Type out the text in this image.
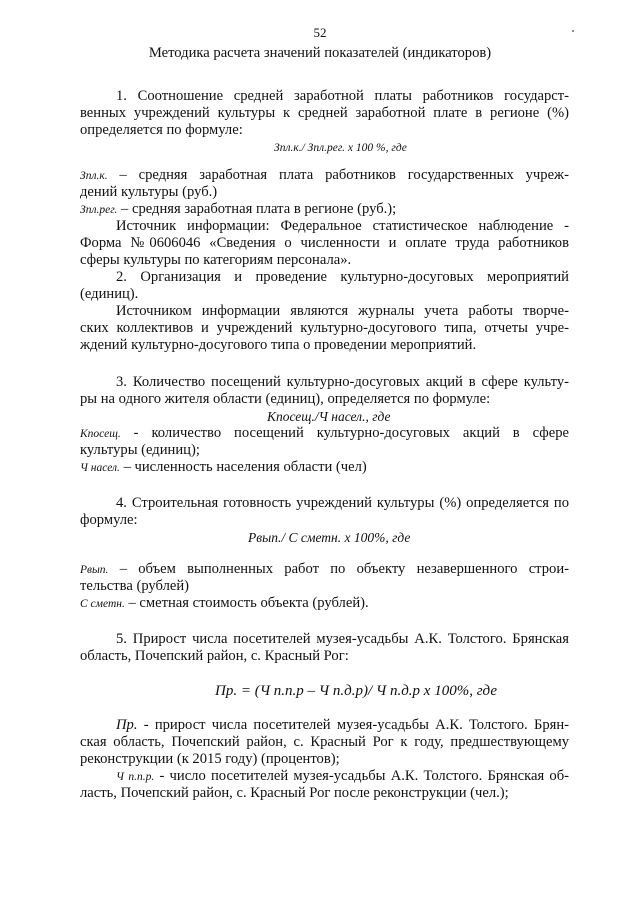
52
Методика расчета значений показателей (индикаторов)
1. Соотношение средней заработной платы работников государст-
венных учреждений культуры к средней заработной плате в регионе (%)
определяется по формуле:
Зпл.к./ Зпл.рег. х 100 %, где
Зпл.к. – средняя заработная плата работников государственных учреж-
дений культуры (руб.)
Зпл.рег. – средняя заработная плата в регионе (руб.);
Источник информации: Федеральное статистическое наблюдение -
Форма №0606046 «Сведения о численности и оплате труда работников
сферы культуры по категориям персонала».
2. Организация и проведение культурно-досуговых мероприятий
(единиц).
Источником информации являются журналы учета работы творче-
ских коллективов и учреждений культурно-досугового типа, отчеты учре-
ждений культурно-досугового типа о проведении мероприятий.
3. Количество посещений культурно-досуговых акций в сфере культу-
ры на одного жителя области (единиц), определяется по формуле:
Кпосещ./Ч насел., где
Кпосещ. - количество посещений культурно-досуговых акций в сфере
культуры (единиц);
Ч насел. – численность населения области (чел)
4. Строительная готовность учреждений культуры (%) определяется по
формуле:
Рвып./ С сметн. х 100%, где
Рвып. – объем выполненных работ по объекту незавершенного строи-
тельства (рублей)
С сметн. – сметная стоимость объекта (рублей).
5. Прирост числа посетителей музея-усадьбы А.К. Толстого. Брянская
область, Почепский район, с. Красный Рог:
Пр. = (Ч п.п.р – Ч п.д.р)/ Ч п.д.р х 100%, где
Пр. - прирост числа посетителей музея-усадьбы А.К. Толстого. Брян-
ская область, Почепский район, с. Красный Рог к году, предшествующему
реконструкции (к 2015 году) (процентов);
Ч п.п.р. - число посетителей музея-усадьбы А.К. Толстого. Брянская об-
ласть, Почепский район, с. Красный Рог после реконструкции (чел.);
